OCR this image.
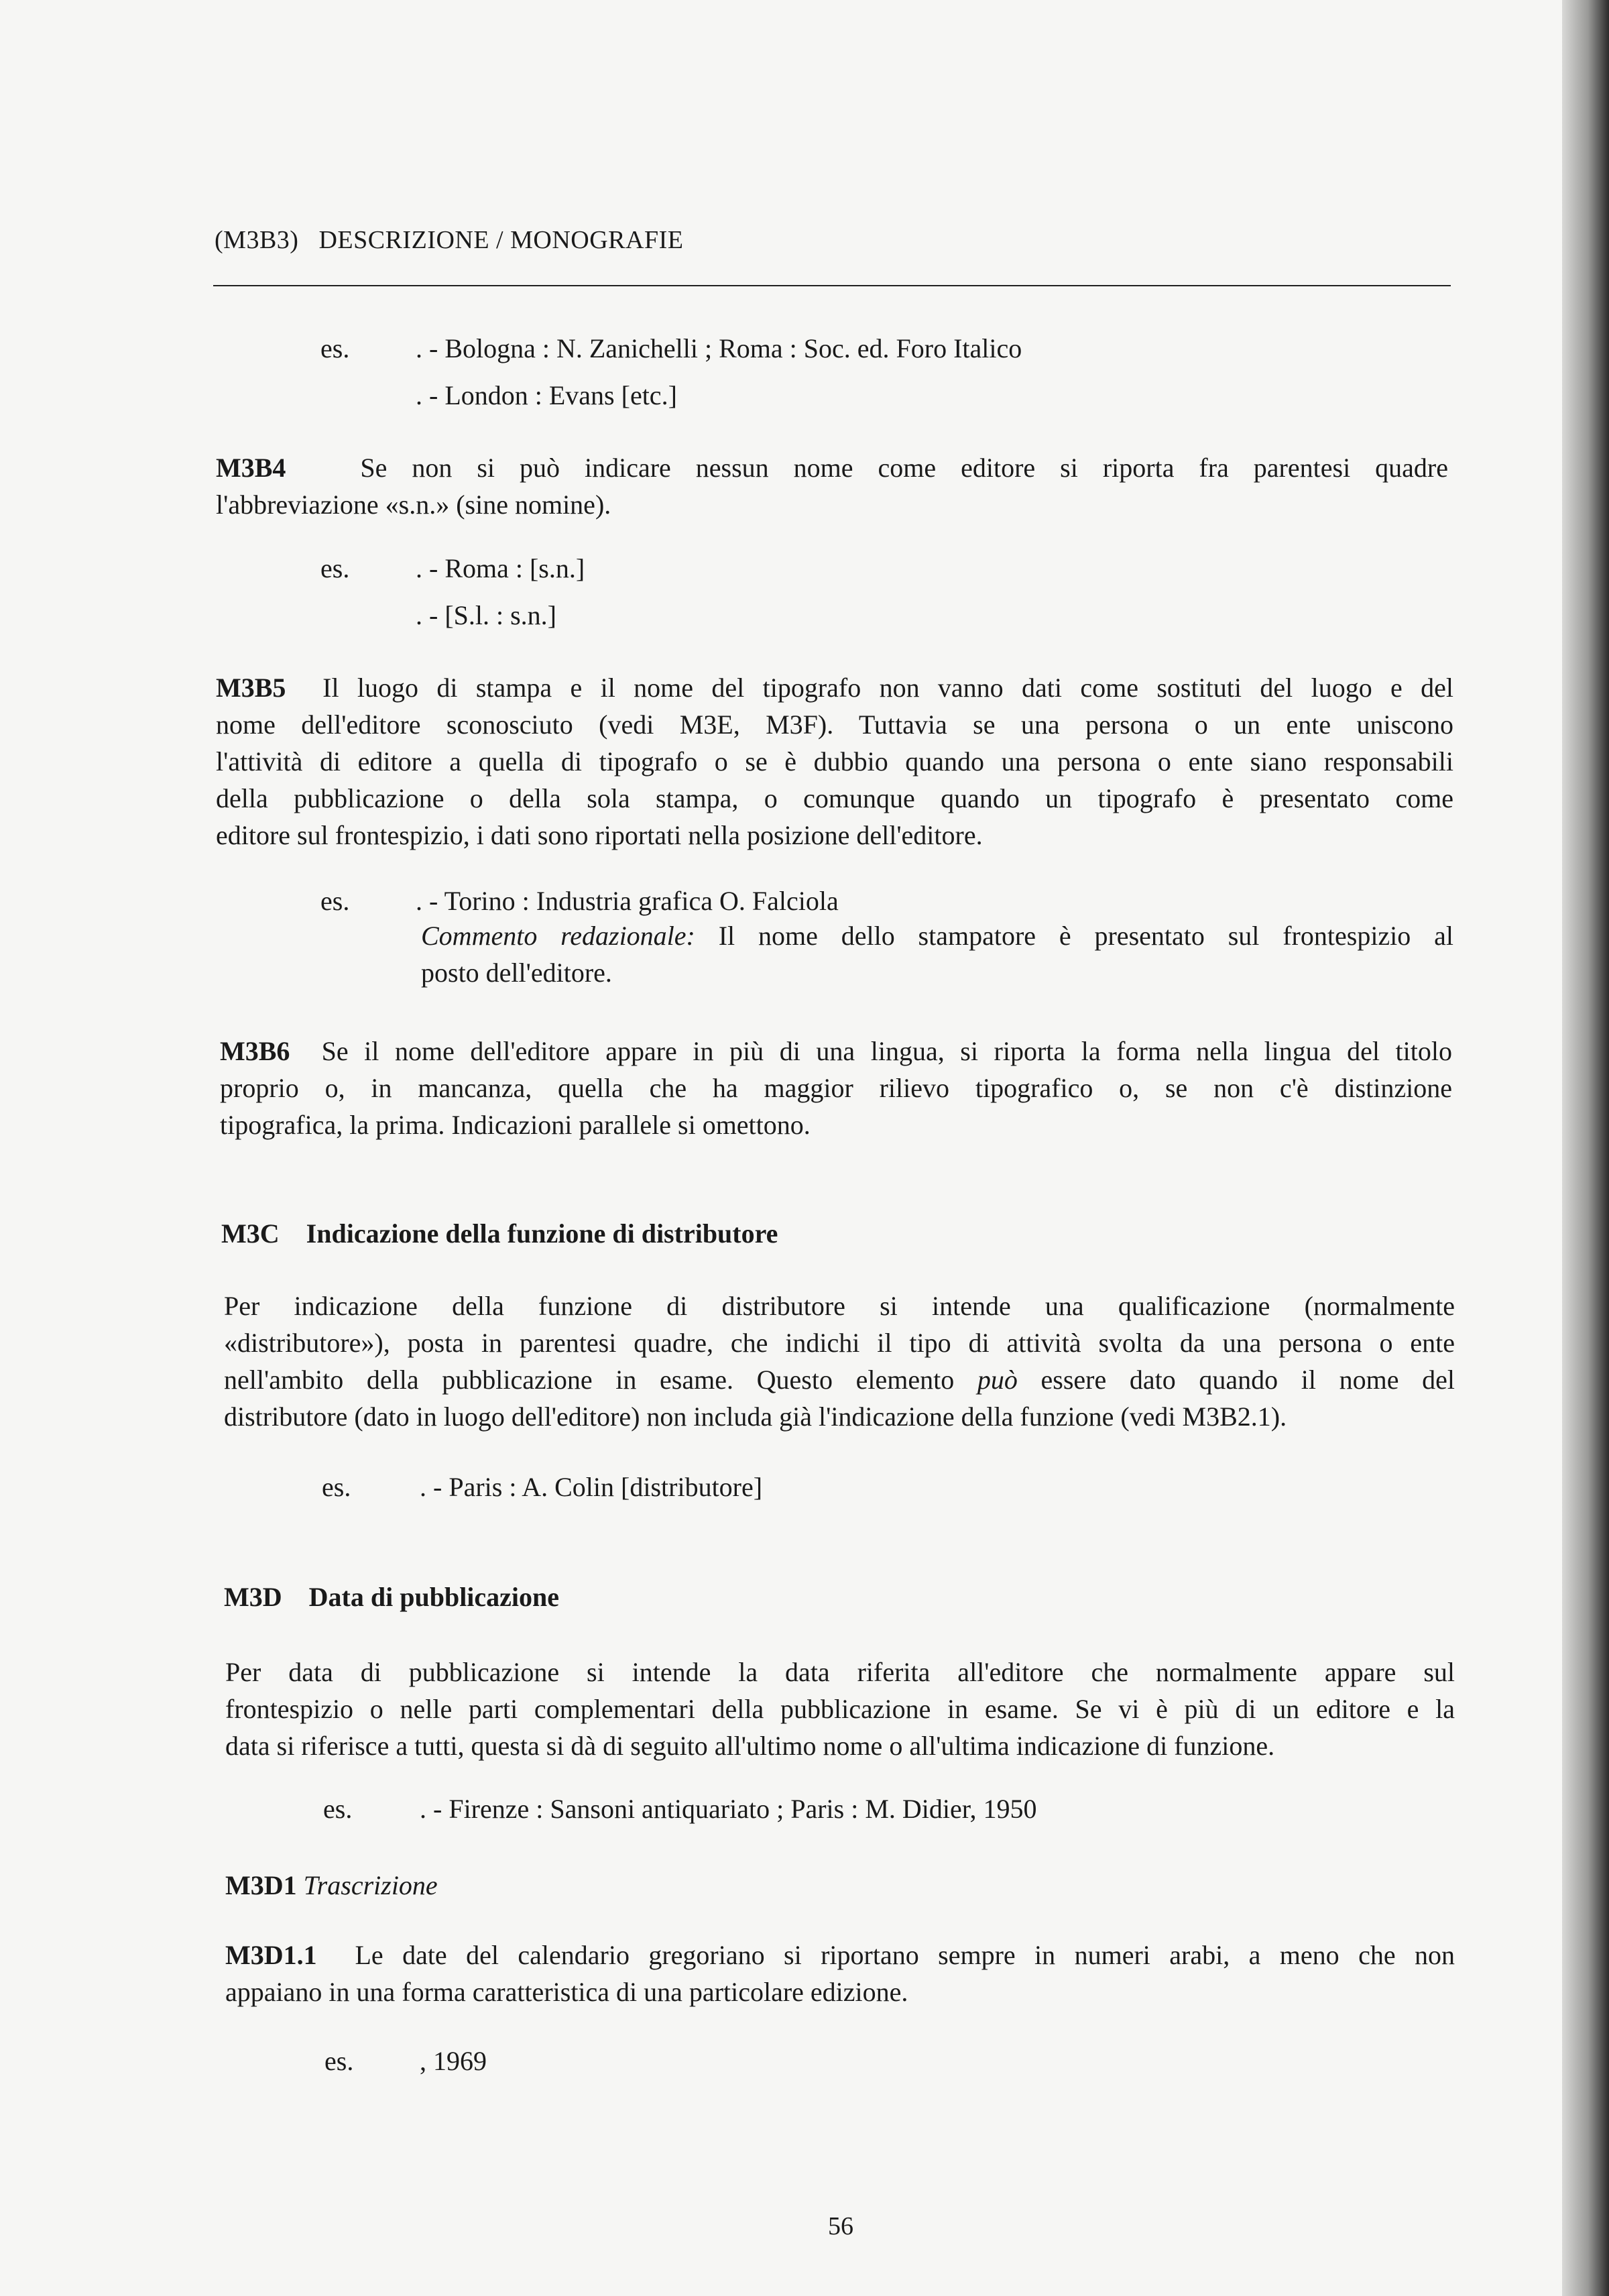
(M3B3) DESCRIZIONE / MONOGRAFIE
es. . - Bologna : N. Zanichelli ; Roma : Soc. ed. Foro Italico
. - London : Evans [etc.]
M3B4	Se non si può indicare nessun nome come editore si riporta fra parentesi quadre
l'abbreviazione «s.n.» (sine nomine).
es. . - Roma : [s.n.]
. - [S.l. : s.n.]
M3B5 Il luogo di stampa e il nome del tipografo non vanno dati come sostituti del luogo e del
nome dell'editore sconosciuto (vedi M3E, M3F). Tuttavia se una persona o un ente uniscono
l'attività di editore a quella di tipografo o se è dubbio quando una persona o ente siano responsabili
della pubblicazione o della sola stampa, o comunque quando un tipografo è presentato come
editore sul frontespizio, i dati sono riportati nella posizione dell'editore.
es. . - Torino : Industria grafica O. Falciola
Commento redazionale: Il nome dello stampatore è presentato sul frontespizio al
posto dell'editore.
M3B6 Se il nome dell'editore appare in più di una lingua, si riporta la forma nella lingua del titolo
proprio o, in mancanza, quella che ha maggior rilievo tipografico o, se non c'è distinzione
tipografica, la prima. Indicazioni parallele si omettono.
M3C Indicazione della funzione di distributore
Per indicazione della funzione di distributore si intende una qualificazione (normalmente
«distributore»), posta in parentesi quadre, che indichi il tipo di attività svolta da una persona o ente
nell'ambito della pubblicazione in esame. Questo elemento può essere dato quando il nome del
distributore (dato in luogo dell'editore) non includa già l'indicazione della funzione (vedi M3B2.1).
es.	. - Paris : A. Colin [distributore]
M3D Data di pubblicazione
Per data di pubblicazione si intende la data riferita all'editore che normalmente appare sul
frontespizio o nelle parti complementari della pubblicazione in esame. Se vi è più di un editore e la
data si riferisce a tutti, questa si dà di seguito all'ultimo nome o all'ultima indicazione di funzione.
es.	. - Firenze : Sansoni antiquariato ; Paris : M. Didier, 1950
M3D1 Trascrizione
M3D1.1 Le date del calendario gregoriano si riportano sempre in numeri arabi, a meno che non
appaiano in una forma caratteristica di una particolare edizione.
es. , 1969
56
